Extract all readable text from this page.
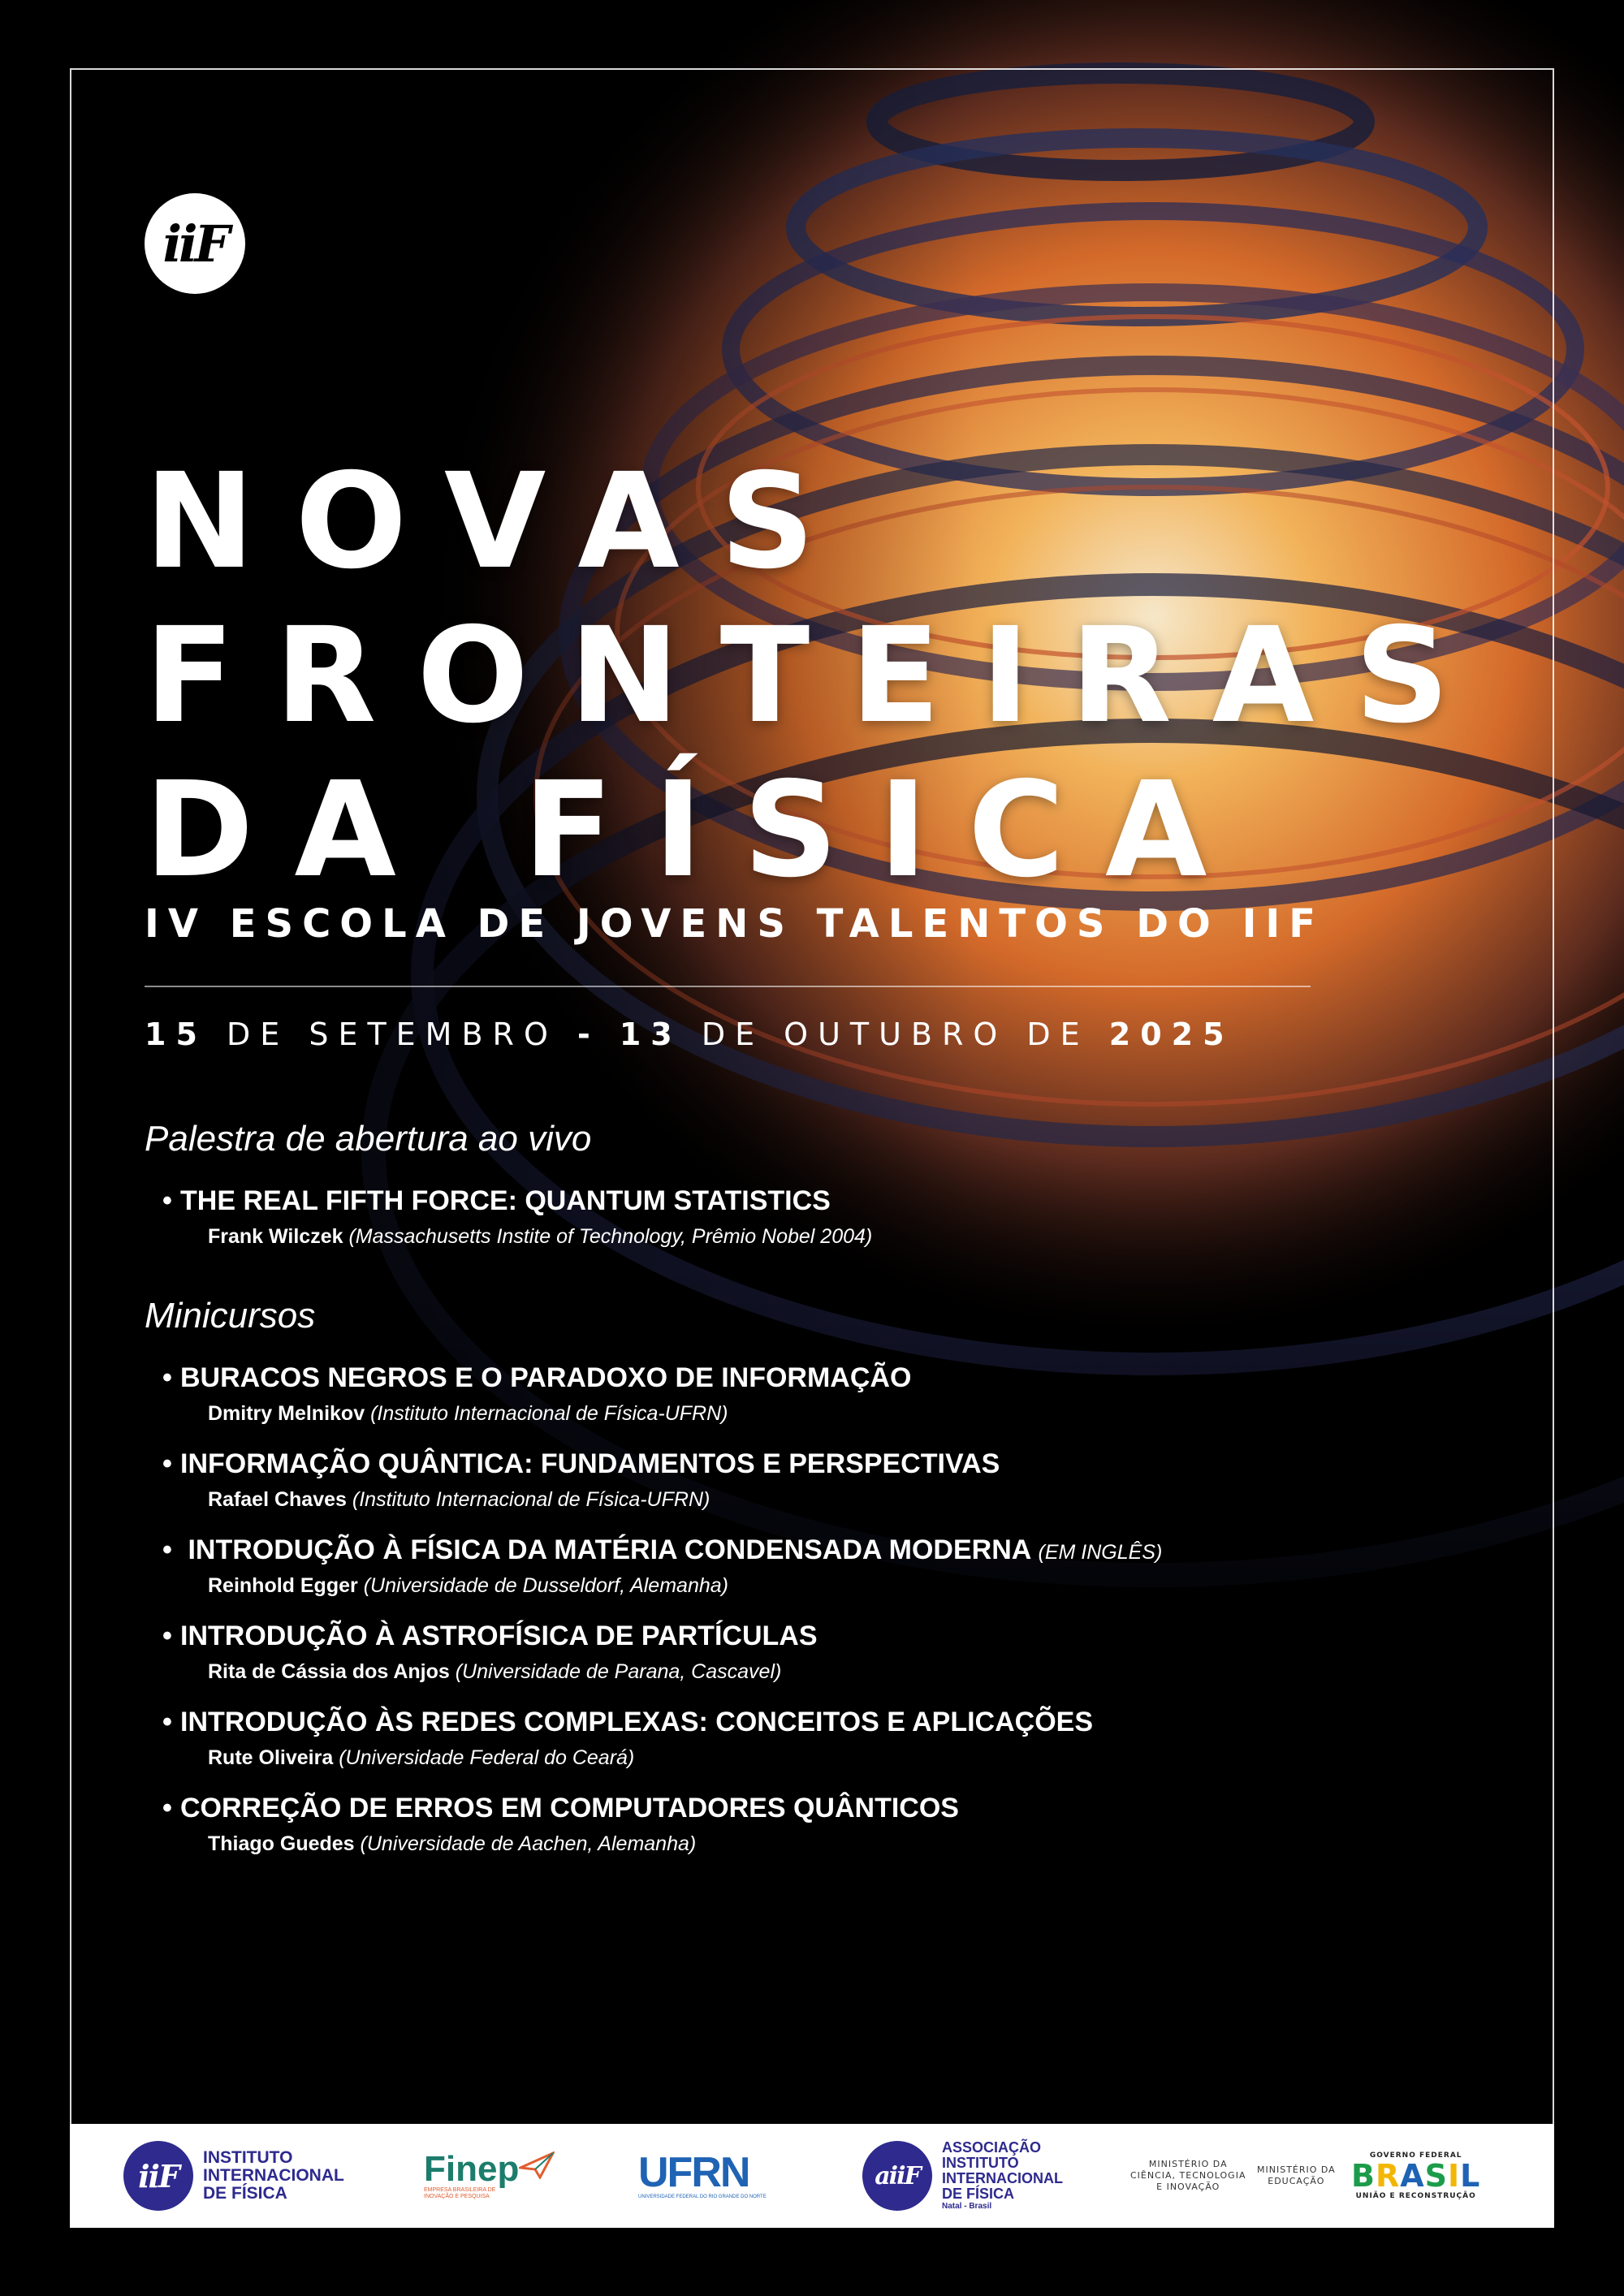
iiF
NOVAS
FRONTEIRAS
DA FÍSICA
IV ESCOLA DE JOVENS TALENTOS DO IIF
15 DE SETEMBRO - 13 DE OUTUBRO DE 2025
Palestra de abertura ao vivo
• THE REAL FIFTH FORCE: QUANTUM STATISTICS
Frank Wilczek (Massachusetts Instite of Technology, Prêmio Nobel 2004)
Minicursos
• BURACOS NEGROS E O PARADOXO DE INFORMAÇÃO
Dmitry Melnikov (Instituto Internacional de Física-UFRN)
• INFORMAÇÃO QUÂNTICA: FUNDAMENTOS E PERSPECTIVAS
Rafael Chaves (Instituto Internacional de Física-UFRN)
• INTRODUÇÃO À FÍSICA DA MATÉRIA CONDENSADA MODERNA (EM INGLÊS)
Reinhold Egger (Universidade de Dusseldorf, Alemanha)
• INTRODUÇÃO À ASTROFÍSICA DE PARTÍCULAS
Rita de Cássia dos Anjos (Universidade de Parana, Cascavel)
• INTRODUÇÃO ÀS REDES COMPLEXAS: CONCEITOS E APLICAÇÕES
Rute Oliveira (Universidade Federal do Ceará)
• CORREÇÃO DE ERROS EM COMPUTADORES QUÂNTICOS
Thiago Guedes (Universidade de Aachen, Alemanha)
iiF	INSTITUTO
INTERNACIONAL
DE FÍSICA
Finep
EMPRESA BRASILEIRA DE INOVAÇÃO E PESQUISA
UFRN
UNIVERSIDADE FEDERAL DO RIO GRANDE DO NORTE
aiiF
ASSOCIAÇÃO
INSTITUTO
INTERNACIONAL
DE FÍSICA
Natal - Brasil
MINISTÉRIO DA
CIÊNCIA, TECNOLOGIA
E INOVAÇÃO
MINISTÉRIO DA
EDUCAÇÃO
GOVERNO FEDERAL
BRASIL
UNIÃO E RECONSTRUÇÃO
